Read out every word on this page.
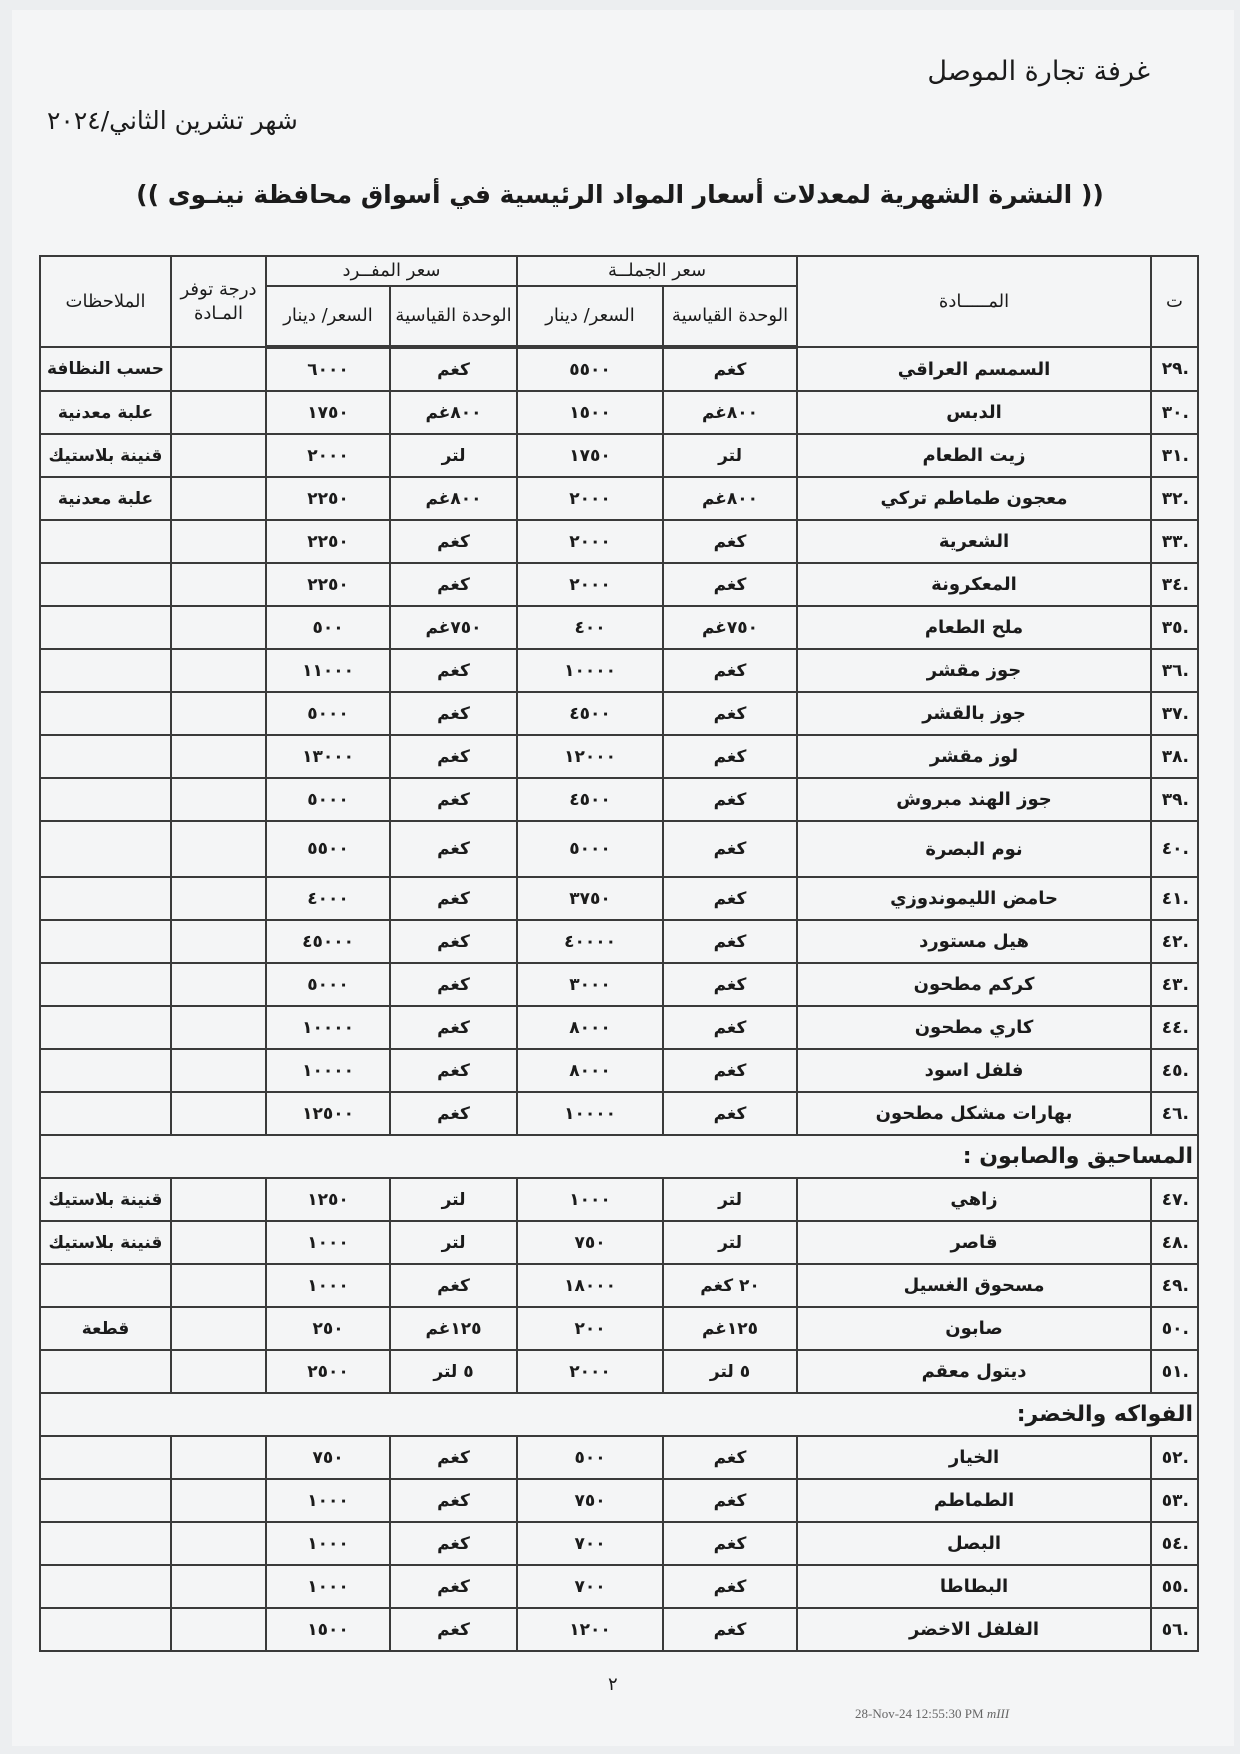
غرفة تجارة الموصل
شهر تشرين الثاني/٢٠٢٤
(( النشرة الشهرية لمعدلات أسعار المواد الرئيسية في أسواق محافظة نينـوى ))
ت	المـــــادة	سعر الجملــة		سعر المفــرد		درجة توفر المـادة	الملاحظات
		الوحدة القياسية	السعر/ دينار	الوحدة القياسية	السعر/ دينار		
.٢٩	السمسم العراقي	كغم	٥٥٠٠	كغم	٦٠٠٠		حسب النظافة
.٣٠	الدبس	٨٠٠غم	١٥٠٠	٨٠٠غم	١٧٥٠		علبة معدنية
.٣١	زيت الطعام	لتر	١٧٥٠	لتر	٢٠٠٠		قنينة بلاستيك
.٣٢	معجون طماطم تركي	٨٠٠غم	٢٠٠٠	٨٠٠غم	٢٢٥٠		علبة معدنية
.٣٣	الشعرية	كغم	٢٠٠٠	كغم	٢٢٥٠		
.٣٤	المعكرونة	كغم	٢٠٠٠	كغم	٢٢٥٠		
.٣٥	ملح الطعام	٧٥٠غم	٤٠٠	٧٥٠غم	٥٠٠		
.٣٦	جوز مقشر	كغم	١٠٠٠٠	كغم	١١٠٠٠		
.٣٧	جوز بالقشر	كغم	٤٥٠٠	كغم	٥٠٠٠		
.٣٨	لوز مقشر	كغم	١٢٠٠٠	كغم	١٣٠٠٠		
.٣٩	جوز الهند مبروش	كغم	٤٥٠٠	كغم	٥٠٠٠		
.٤٠	نوم البصرة	كغم	٥٠٠٠	كغم	٥٥٠٠		
.٤١	حامض الليموندوزي	كغم	٣٧٥٠	كغم	٤٠٠٠		
.٤٢	هيل مستورد	كغم	٤٠٠٠٠	كغم	٤٥٠٠٠		
.٤٣	كركم مطحون	كغم	٣٠٠٠	كغم	٥٠٠٠		
.٤٤	كاري مطحون	كغم	٨٠٠٠	كغم	١٠٠٠٠		
.٤٥	فلفل اسود	كغم	٨٠٠٠	كغم	١٠٠٠٠		
.٤٦	بهارات مشكل مطحون	كغم	١٠٠٠٠	كغم	١٢٥٠٠		
المساحيق والصابون :							
.٤٧	زاهي	لتر	١٠٠٠	لتر	١٢٥٠		قنينة بلاستيك
.٤٨	قاصر	لتر	٧٥٠	لتر	١٠٠٠		قنينة بلاستيك
.٤٩	مسحوق الغسيل	٢٠ كغم	١٨٠٠٠	كغم	١٠٠٠		
.٥٠	صابون	١٢٥غم	٢٠٠	١٢٥غم	٢٥٠		قطعة
.٥١	ديتول معقم	٥ لتر	٢٠٠٠	٥ لتر	٢٥٠٠		
الفواكه والخضر:							
.٥٢	الخيار	كغم	٥٠٠	كغم	٧٥٠		
.٥٣	الطماطم	كغم	٧٥٠	كغم	١٠٠٠		
.٥٤	البصل	كغم	٧٠٠	كغم	١٠٠٠		
.٥٥	البطاطا	كغم	٧٠٠	كغم	١٠٠٠		
.٥٦	الفلفل الاخضر	كغم	١٢٠٠	كغم	١٥٠٠		
٢
28-Nov-24 12:55:30 PM mIII
